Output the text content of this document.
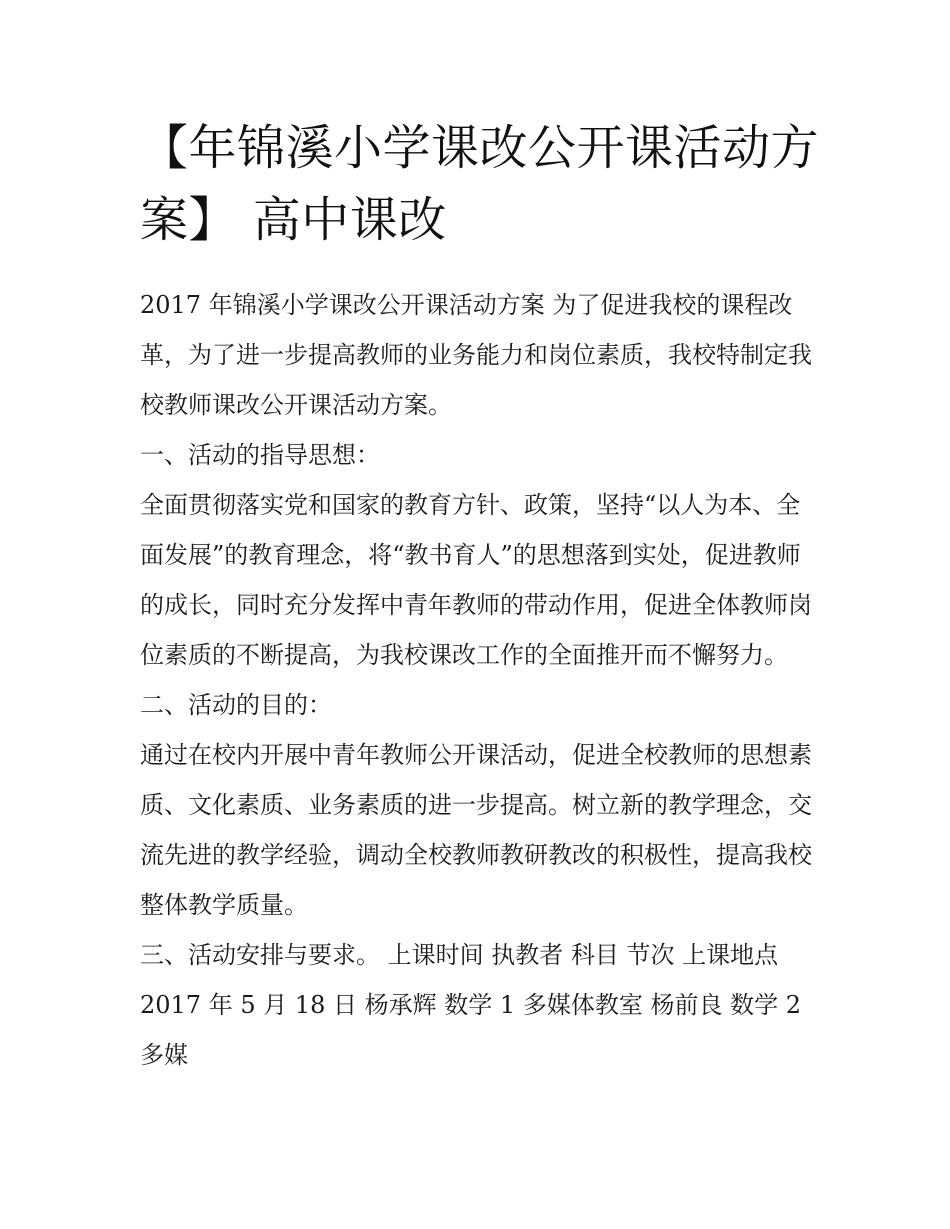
【年锦溪小学课改公开课活动方案】 高中课改

2017 年锦溪小学课改公开课活动方案 为了促进我校的课程改革，为了进一步提高教师的业务能力和岗位素质，我校特制定我校教师课改公开课活动方案。

一、活动的指导思想：

全面贯彻落实党和国家的教育方针、政策，坚持“以人为本、全面发展”的教育理念，将“教书育人”的思想落到实处，促进教师的成长，同时充分发挥中青年教师的带动作用，促进全体教师岗位素质的不断提高，为我校课改工作的全面推开而不懈努力。

二、活动的目的：

通过在校内开展中青年教师公开课活动，促进全校教师的思想素质、文化素质、业务素质的进一步提高。树立新的教学理念，交流先进的教学经验，调动全校教师教研教改的积极性，提高我校整体教学质量。

三、活动安排与要求。 上课时间 执教者 科目 节次 上课地点 2017 年 5 月 18 日 杨承辉 数学 1 多媒体教室 杨前良 数学 2 多媒
